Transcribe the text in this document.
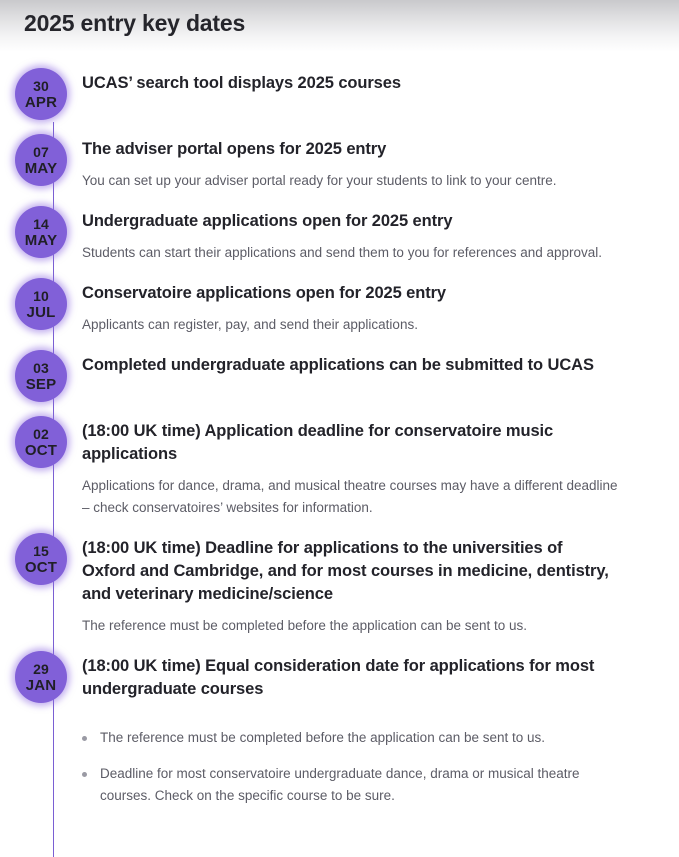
2025 entry key dates
30
APR
UCAS’ search tool displays 2025 courses
07
MAY
The adviser portal opens for 2025 entry

You can set up your adviser portal ready for your students to link to your centre.

14
MAY
Undergraduate applications open for 2025 entry

Students can start their applications and send them to you for references and approval.

10
JUL
Conservatoire applications open for 2025 entry

Applicants can register, pay, and send their applications.

03
SEP
Completed undergraduate applications can be submitted to UCAS
02
OCT
(18:00 UK time) Application deadline for conservatoire music applications

Applications for dance, drama, and musical theatre courses may have a different deadline – check conservatoires’ websites for information.

15
OCT
(18:00 UK time) Deadline for applications to the universities of Oxford and Cambridge, and for most courses in medicine, dentistry, and veterinary medicine/science

The reference must be completed before the application can be sent to us.

29
JAN
(18:00 UK time) Equal consideration date for applications for most undergraduate courses
The reference must be completed before the application can be sent to us.
Deadline for most conservatoire undergraduate dance, drama or musical theatre courses. Check on the specific course to be sure.
